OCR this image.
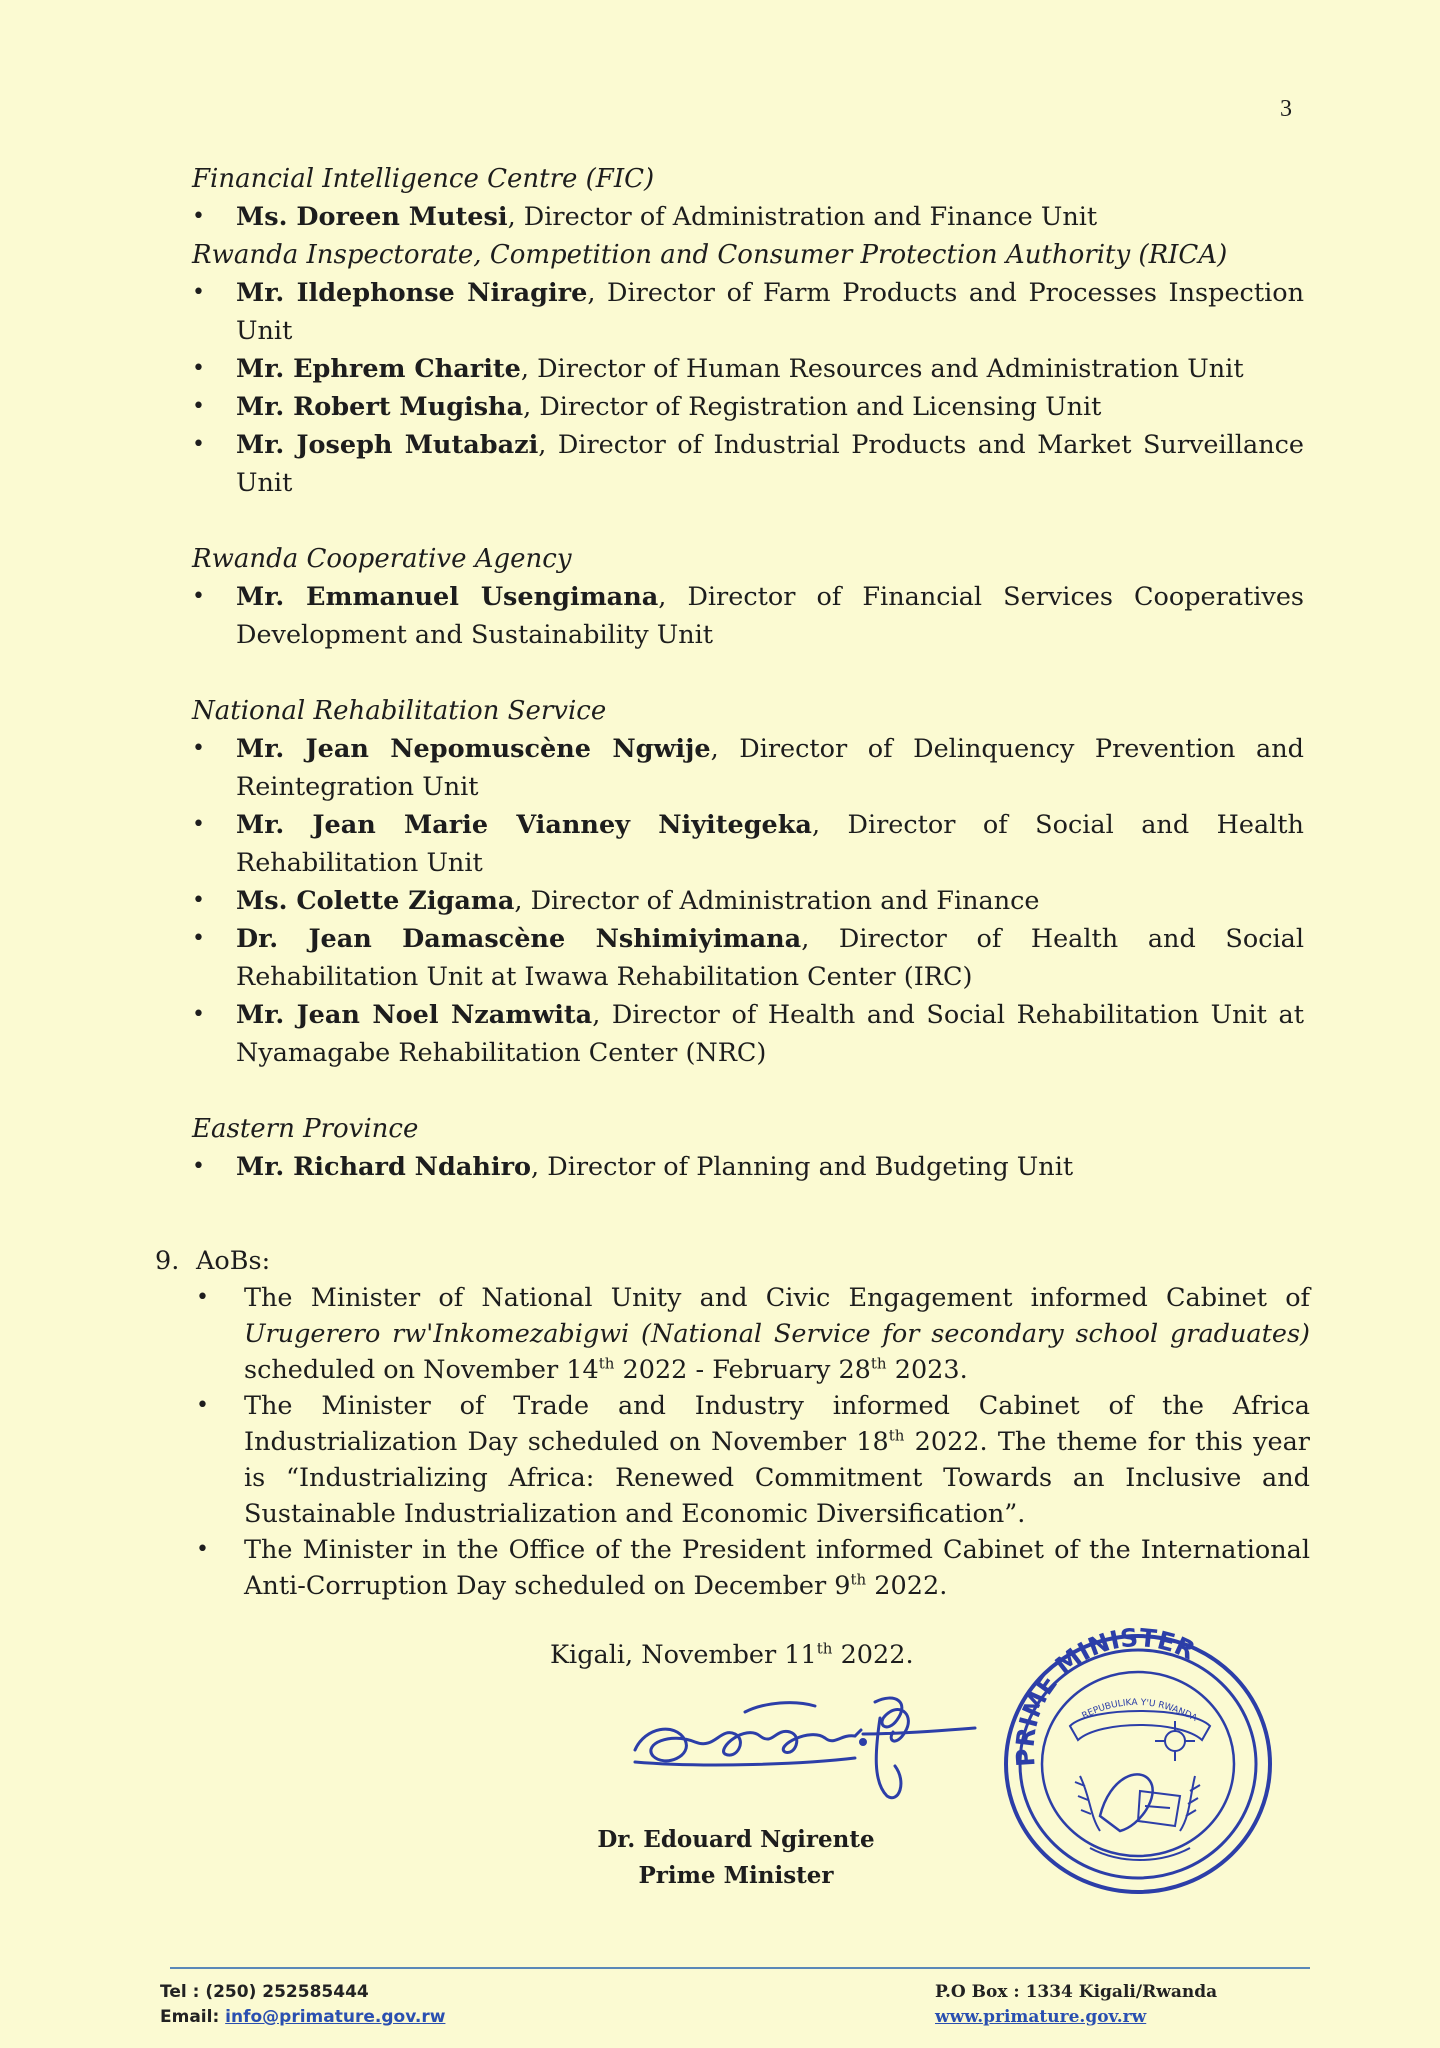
3
Financial Intelligence Centre (FIC)
• Ms. Doreen Mutesi, Director of Administration and Finance Unit
Rwanda Inspectorate, Competition and Consumer Protection Authority (RICA)
• Mr. Ildephonse Niragire, Director of Farm Products and Processes Inspection Unit
• Mr. Ephrem Charite, Director of Human Resources and Administration Unit
• Mr. Robert Mugisha, Director of Registration and Licensing Unit
• Mr. Joseph Mutabazi, Director of Industrial Products and Market Surveillance Unit
Rwanda Cooperative Agency
• Mr. Emmanuel Usengimana, Director of Financial Services Cooperatives Development and Sustainability Unit
National Rehabilitation Service
• Mr. Jean Nepomuscène Ngwije, Director of Delinquency Prevention and Reintegration Unit
• Mr. Jean Marie Vianney Niyitegeka, Director of Social and Health Rehabilitation Unit
• Ms. Colette Zigama, Director of Administration and Finance
• Dr. Jean Damascène Nshimiyimana, Director of Health and Social Rehabilitation Unit at Iwawa Rehabilitation Center (IRC)
• Mr. Jean Noel Nzamwita, Director of Health and Social Rehabilitation Unit at Nyamagabe Rehabilitation Center (NRC)
Eastern Province
• Mr. Richard Ndahiro, Director of Planning and Budgeting Unit
9. AoBs:
• The Minister of National Unity and Civic Engagement informed Cabinet of Urugerero rw'Inkomezabigwi (National Service for secondary school graduates) scheduled on November 14th 2022 - February 28th 2023.
• The Minister of Trade and Industry informed Cabinet of the Africa Industrialization Day scheduled on November 18th 2022. The theme for this year is “Industrializing Africa: Renewed Commitment Towards an Inclusive and Sustainable Industrialization and Economic Diversification”.
• The Minister in the Office of the President informed Cabinet of the International Anti-Corruption Day scheduled on December 9th 2022.
Kigali, November 11th 2022.
Dr. Edouard Ngirente
Prime Minister
PRIME MINISTER
REPUBULIKA Y'U RWANDA
Tel : (250) 252585444
Email: info@primature.gov.rw
P.O Box : 1334 Kigali/Rwanda
www.primature.gov.rw
